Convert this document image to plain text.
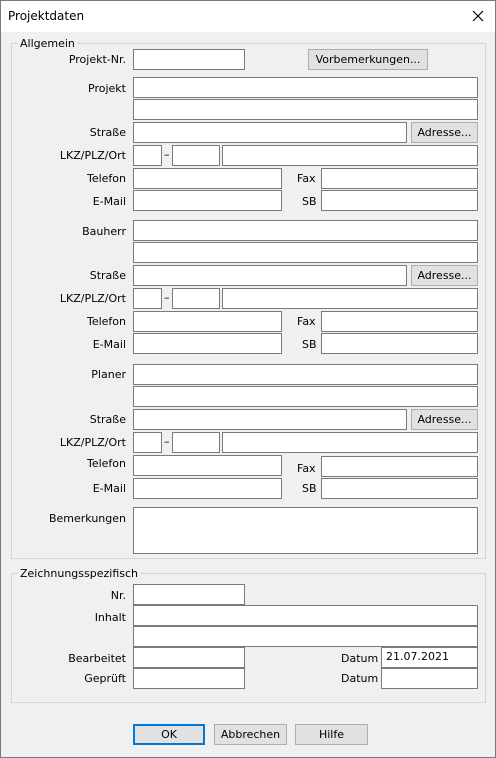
Projektdaten
Allgemein
Projekt-Nr.	Vorbemerkungen...
Projekt
Straße	Adresse...
LKZ/PLZ/Ort	–
Telefon	Fax
E-Mail	SB
Bauherr
Straße	Adresse...
LKZ/PLZ/Ort	–
Telefon	Fax
E-Mail	SB
Planer
Straße	Adresse...
LKZ/PLZ/Ort	–
Telefon	Fax
E-Mail	SB
Bemerkungen
Zeichnungsspezifisch
Nr.
Inhalt
Bearbeitet	Datum 21.07.2021
Geprüft	Datum
OK	Abbrechen	Hilfe
